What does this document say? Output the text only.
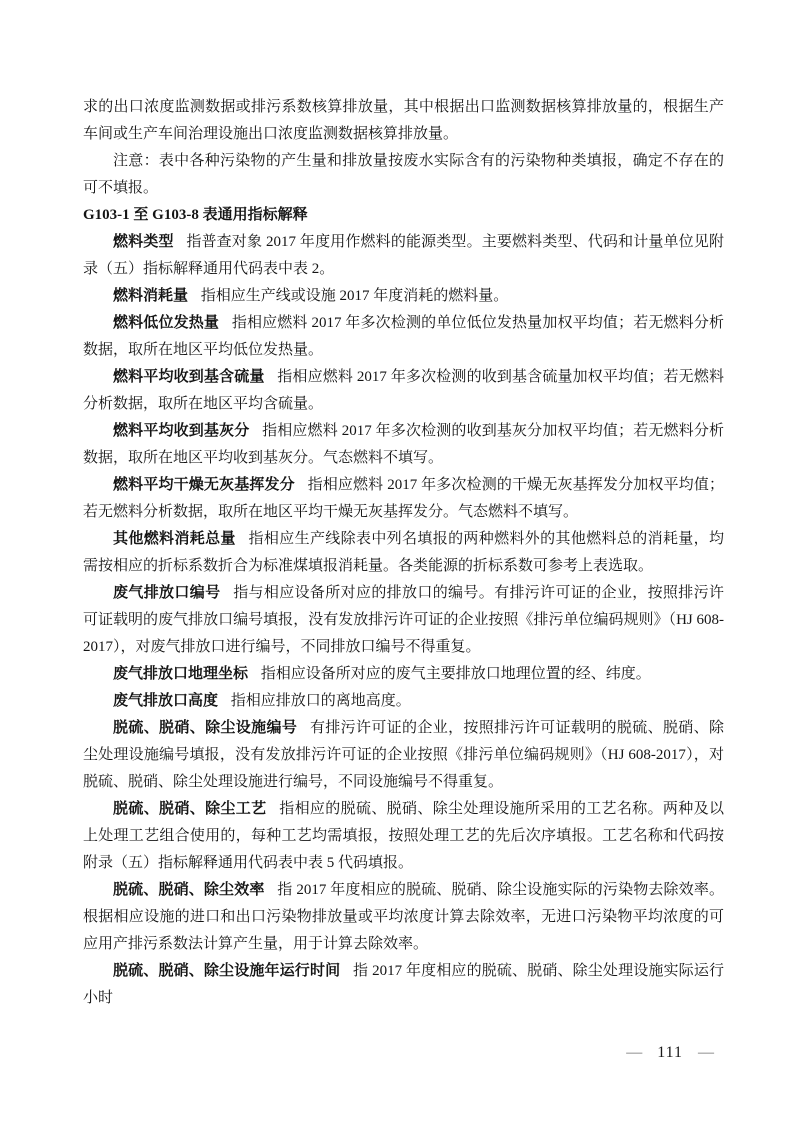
求的出口浓度监测数据或排污系数核算排放量，其中根据出口监测数据核算排放量的，根据生产车间或生产车间治理设施出口浓度监测数据核算排放量。

注意：表中各种污染物的产生量和排放量按废水实际含有的污染物种类填报，确定不存在的可不填报。

G103-1 至 G103-8 表通用指标解释

燃料类型 指普查对象 2017 年度用作燃料的能源类型。主要燃料类型、代码和计量单位见附录（五）指标解释通用代码表中表 2。

燃料消耗量 指相应生产线或设施 2017 年度消耗的燃料量。

燃料低位发热量 指相应燃料 2017 年多次检测的单位低位发热量加权平均值；若无燃料分析数据，取所在地区平均低位发热量。

燃料平均收到基含硫量 指相应燃料 2017 年多次检测的收到基含硫量加权平均值；若无燃料分析数据，取所在地区平均含硫量。

燃料平均收到基灰分 指相应燃料 2017 年多次检测的收到基灰分加权平均值；若无燃料分析数据，取所在地区平均收到基灰分。气态燃料不填写。

燃料平均干燥无灰基挥发分 指相应燃料 2017 年多次检测的干燥无灰基挥发分加权平均值；若无燃料分析数据，取所在地区平均干燥无灰基挥发分。气态燃料不填写。

其他燃料消耗总量 指相应生产线除表中列名填报的两种燃料外的其他燃料总的消耗量，均需按相应的折标系数折合为标准煤填报消耗量。各类能源的折标系数可参考上表选取。

废气排放口编号 指与相应设备所对应的排放口的编号。有排污许可证的企业，按照排污许可证载明的废气排放口编号填报，没有发放排污许可证的企业按照《排污单位编码规则》（HJ 608-2017），对废气排放口进行编号，不同排放口编号不得重复。

废气排放口地理坐标 指相应设备所对应的废气主要排放口地理位置的经、纬度。

废气排放口高度 指相应排放口的离地高度。

脱硫、脱硝、除尘设施编号 有排污许可证的企业，按照排污许可证载明的脱硫、脱硝、除尘处理设施编号填报，没有发放排污许可证的企业按照《排污单位编码规则》（HJ 608-2017），对脱硫、脱硝、除尘处理设施进行编号，不同设施编号不得重复。

脱硫、脱硝、除尘工艺 指相应的脱硫、脱硝、除尘处理设施所采用的工艺名称。两种及以上处理工艺组合使用的，每种工艺均需填报，按照处理工艺的先后次序填报。工艺名称和代码按附录（五）指标解释通用代码表中表 5 代码填报。

脱硫、脱硝、除尘效率 指 2017 年度相应的脱硫、脱硝、除尘设施实际的污染物去除效率。根据相应设施的进口和出口污染物排放量或平均浓度计算去除效率，无进口污染物平均浓度的可应用产排污系数法计算产生量，用于计算去除效率。

脱硫、脱硝、除尘设施年运行时间 指 2017 年度相应的脱硫、脱硝、除尘处理设施实际运行小时

— 111 —
